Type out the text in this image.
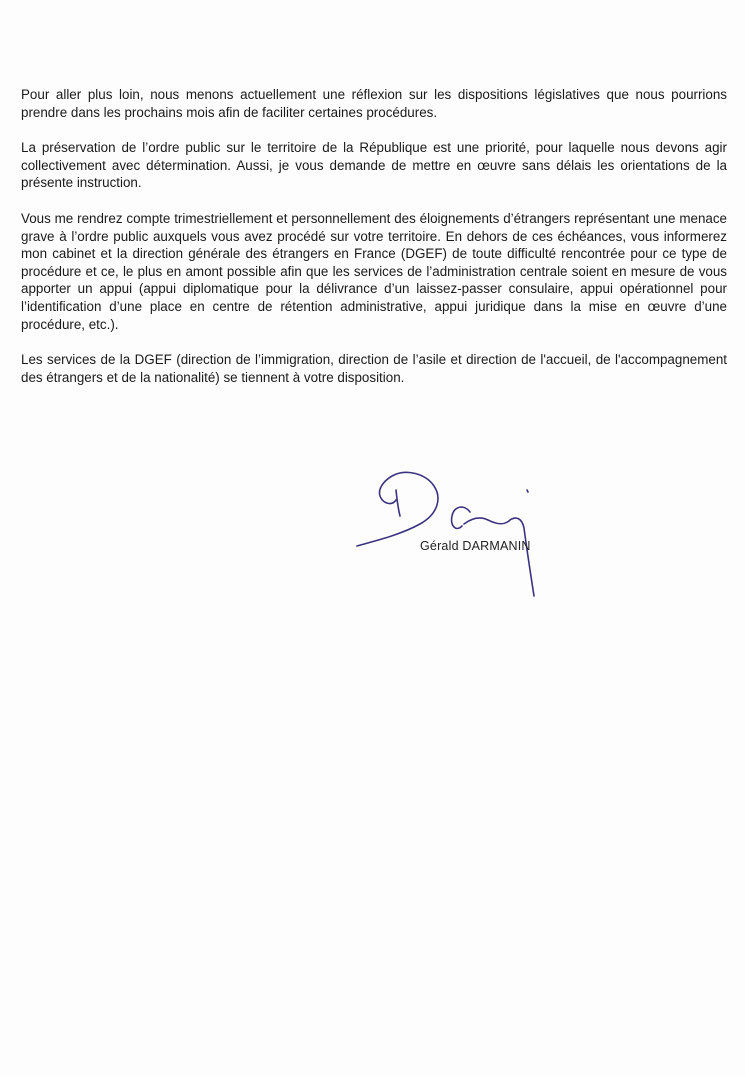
Pour aller plus loin, nous menons actuellement une réflexion sur les dispositions législatives que nous pourrions prendre dans les prochains mois afin de faciliter certaines procédures.

La préservation de l’ordre public sur le territoire de la République est une priorité, pour laquelle nous devons agir collectivement avec détermination. Aussi, je vous demande de mettre en œuvre sans délais les orientations de la présente instruction.

Vous me rendrez compte trimestriellement et personnellement des éloignements d’étrangers représentant une menace grave à l’ordre public auxquels vous avez procédé sur votre territoire. En dehors de ces échéances, vous informerez mon cabinet et la direction générale des étrangers en France (DGEF) de toute difficulté rencontrée pour ce type de procédure et ce, le plus en amont possible afin que les services de l’administration centrale soient en mesure de vous apporter un appui (appui diplomatique pour la délivrance d’un laissez-passer consulaire, appui opérationnel pour l’identification d’une place en centre de rétention administrative, appui juridique dans la mise en œuvre d’une procédure, etc.).

Les services de la DGEF (direction de l’immigration, direction de l’asile et direction de l'accueil, de l'accompagnement des étrangers et de la nationalité) se tiennent à votre disposition.

Gérald DARMANIN
